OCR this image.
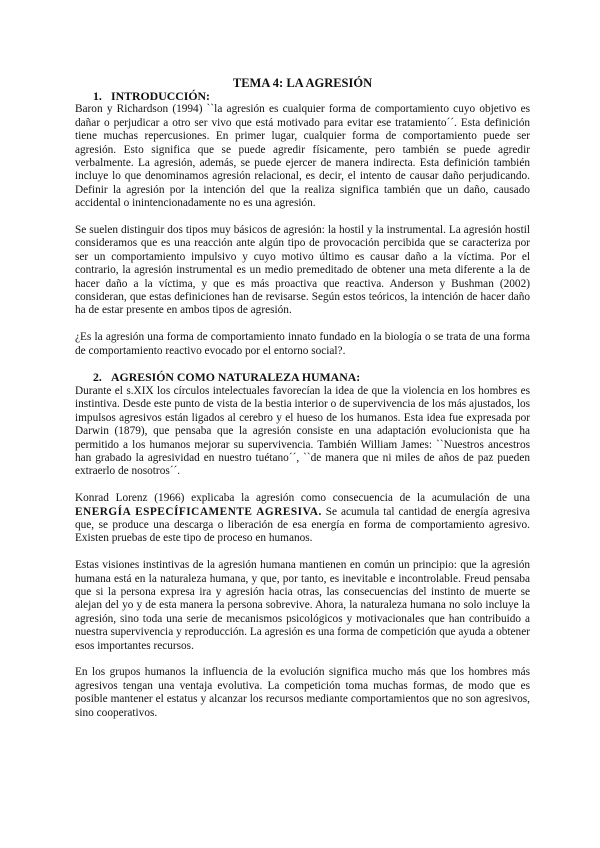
TEMA 4: LA AGRESIÓN
1. INTRODUCCIÓN:

Baron y Richardson (1994) ``la agresión es cualquier forma de comportamiento cuyo objetivo es dañar o perjudicar a otro ser vivo que está motivado para evitar ese tratamiento´´. Esta definición tiene muchas repercusiones. En primer lugar, cualquier forma de comportamiento puede ser agresión. Esto significa que se puede agredir físicamente, pero también se puede agredir verbalmente. La agresión, además, se puede ejercer de manera indirecta. Esta definición también incluye lo que denominamos agresión relacional, es decir, el intento de causar daño perjudicando. Definir la agresión por la intención del que la realiza significa también que un daño, causado accidental o inintencionadamente no es una agresión.

Se suelen distinguir dos tipos muy básicos de agresión: la hostil y la instrumental. La agresión hostil consideramos que es una reacción ante algún tipo de provocación percibida que se caracteriza por ser un comportamiento impulsivo y cuyo motivo último es causar daño a la víctima. Por el contrario, la agresión instrumental es un medio premeditado de obtener una meta diferente a la de hacer daño a la víctima, y que es más proactiva que reactiva. Anderson y Bushman (2002) consideran, que estas definiciones han de revisarse. Según estos teóricos, la intención de hacer daño ha de estar presente en ambos tipos de agresión.

¿Es la agresión una forma de comportamiento innato fundado en la biología o se trata de una forma de comportamiento reactivo evocado por el entorno social?.

2. AGRESIÓN COMO NATURALEZA HUMANA:

Durante el s.XIX los círculos intelectuales favorecían la idea de que la violencia en los hombres es instintiva. Desde este punto de vista de la bestia interior o de supervivencia de los más ajustados, los impulsos agresivos están ligados al cerebro y el hueso de los humanos. Esta idea fue expresada por Darwin (1879), que pensaba que la agresión consiste en una adaptación evolucionista que ha permitido a los humanos mejorar su supervivencia. También William James: ``Nuestros ancestros han grabado la agresividad en nuestro tuétano´´, ``de manera que ni miles de años de paz pueden extraerlo de nosotros´´.

Konrad Lorenz (1966) explicaba la agresión como consecuencia de la acumulación de una ENERGÍA ESPECÍFICAMENTE AGRESIVA. Se acumula tal cantidad de energía agresiva que, se produce una descarga o liberación de esa energía en forma de comportamiento agresivo. Existen pruebas de este tipo de proceso en humanos.

Estas visiones instintivas de la agresión humana mantienen en común un principio: que la agresión humana está en la naturaleza humana, y que, por tanto, es inevitable e incontrolable. Freud pensaba que si la persona expresa ira y agresión hacia otras, las consecuencias del instinto de muerte se alejan del yo y de esta manera la persona sobrevive. Ahora, la naturaleza humana no solo incluye la agresión, sino toda una serie de mecanismos psicológicos y motivacionales que han contribuido a nuestra supervivencia y reproducción. La agresión es una forma de competición que ayuda a obtener esos importantes recursos.

En los grupos humanos la influencia de la evolución significa mucho más que los hombres más agresivos tengan una ventaja evolutiva. La competición toma muchas formas, de modo que es posible mantener el estatus y alcanzar los recursos mediante comportamientos que no son agresivos, sino cooperativos.
